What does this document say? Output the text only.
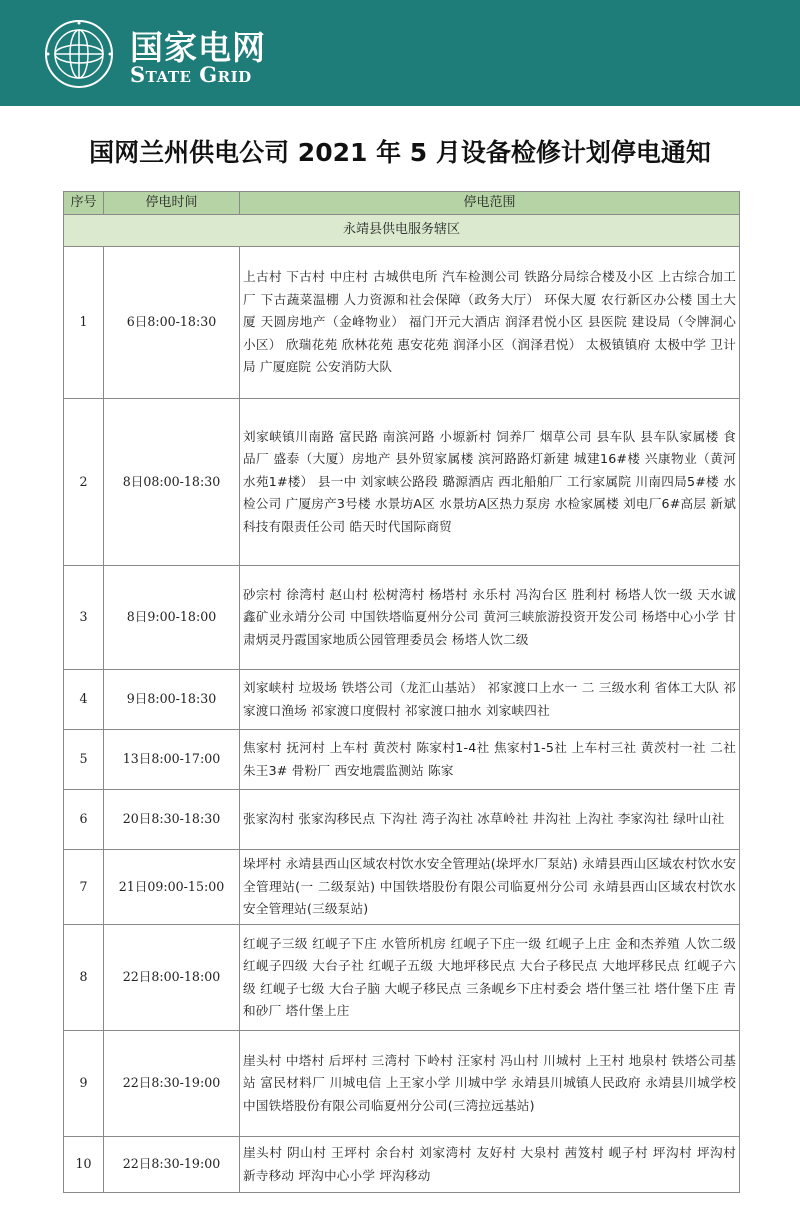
国家电网
State Grid
国网兰州供电公司 2021 年 5 月设备检修计划停电通知
序号	停电时间	停电范围
永靖县供电服务辖区		
1	6日8:00-18:30	上古村 下古村 中庄村 古城供电所 汽车检测公司 铁路分局综合楼及小区 上古综合加工厂 下古蔬菜温棚 人力资源和社会保障（政务大厅） 环保大厦 农行新区办公楼 国土大厦 天圆房地产（金峰物业） 福门开元大酒店 润泽君悦小区 县医院 建设局（令牌洞心小区） 欣瑞花苑 欣林花苑 惠安花苑 润泽小区（润泽君悦） 太极镇镇府 太极中学 卫计局 广厦庭院 公安消防大队
2	8日08:00-18:30	刘家峡镇川南路 富民路 南滨河路 小塬新村 饲养厂 烟草公司 县车队 县车队家属楼 食品厂 盛泰（大厦）房地产 县外贸家属楼 滨河路路灯新建 城建16#楼 兴康物业（黄河水苑1#楼） 县一中 刘家峡公路段 璐源酒店 西北船舶厂 工行家属院 川南四局5#楼 水检公司 广厦房产3号楼 水景坊A区 水景坊A区热力泵房 水检家属楼 刘电厂6#高层 新斌科技有限责任公司 皓天时代国际商贸
3	8日9:00-18:00	砂宗村 徐湾村 赵山村 松树湾村 杨塔村 永乐村 冯沟台区 胜利村 杨塔人饮一级 天水诚鑫矿业永靖分公司 中国铁塔临夏州分公司 黄河三峡旅游投资开发公司 杨塔中心小学 甘肃炳灵丹霞国家地质公园管理委员会 杨塔人饮二级
4	9日8:00-18:30	刘家峡村 垃圾场 铁塔公司（龙汇山基站） 祁家渡口上水一 二 三级水利 省体工大队 祁家渡口渔场 祁家渡口度假村 祁家渡口抽水 刘家峡四社
5	13日8:00-17:00	焦家村 抚河村 上车村 黄茨村 陈家村1-4社 焦家村1-5社 上车村三社 黄茨村一社 二社 朱王3# 骨粉厂 西安地震监测站 陈家
6	20日8:30-18:30	张家沟村 张家沟移民点 下沟社 湾子沟社 冰草岭社 井沟社 上沟社 李家沟社 绿叶山社
7	21日09:00-15:00	垛坪村 永靖县西山区域农村饮水安全管理站(垛坪水厂泵站) 永靖县西山区域农村饮水安全管理站(一 二级泵站) 中国铁塔股份有限公司临夏州分公司 永靖县西山区域农村饮水安全管理站(三级泵站)
8	22日8:00-18:00	红岘子三级 红岘子下庄 水管所机房 红岘子下庄一级 红岘子上庄 金和杰养殖 人饮二级 红岘子四级 大台子社 红岘子五级 大地坪移民点 大台子移民点 大地坪移民点 红岘子六级 红岘子七级 大台子脑 大岘子移民点 三条岘乡下庄村委会 塔什堡三社 塔什堡下庄 青和砂厂 塔什堡上庄
9	22日8:30-19:00	崖头村 中塔村 后坪村 三湾村 下岭村 汪家村 冯山村 川城村 上王村 地泉村 铁塔公司基站 富民材料厂 川城电信 上王家小学 川城中学 永靖县川城镇人民政府 永靖县川城学校 中国铁塔股份有限公司临夏州分公司(三湾拉远基站)
10	22日8:30-19:00	崖头村 阴山村 王坪村 余台村 刘家湾村 友好村 大泉村 茜笈村 岘子村 坪沟村 坪沟村 新寺移动 坪沟中心小学 坪沟移动
